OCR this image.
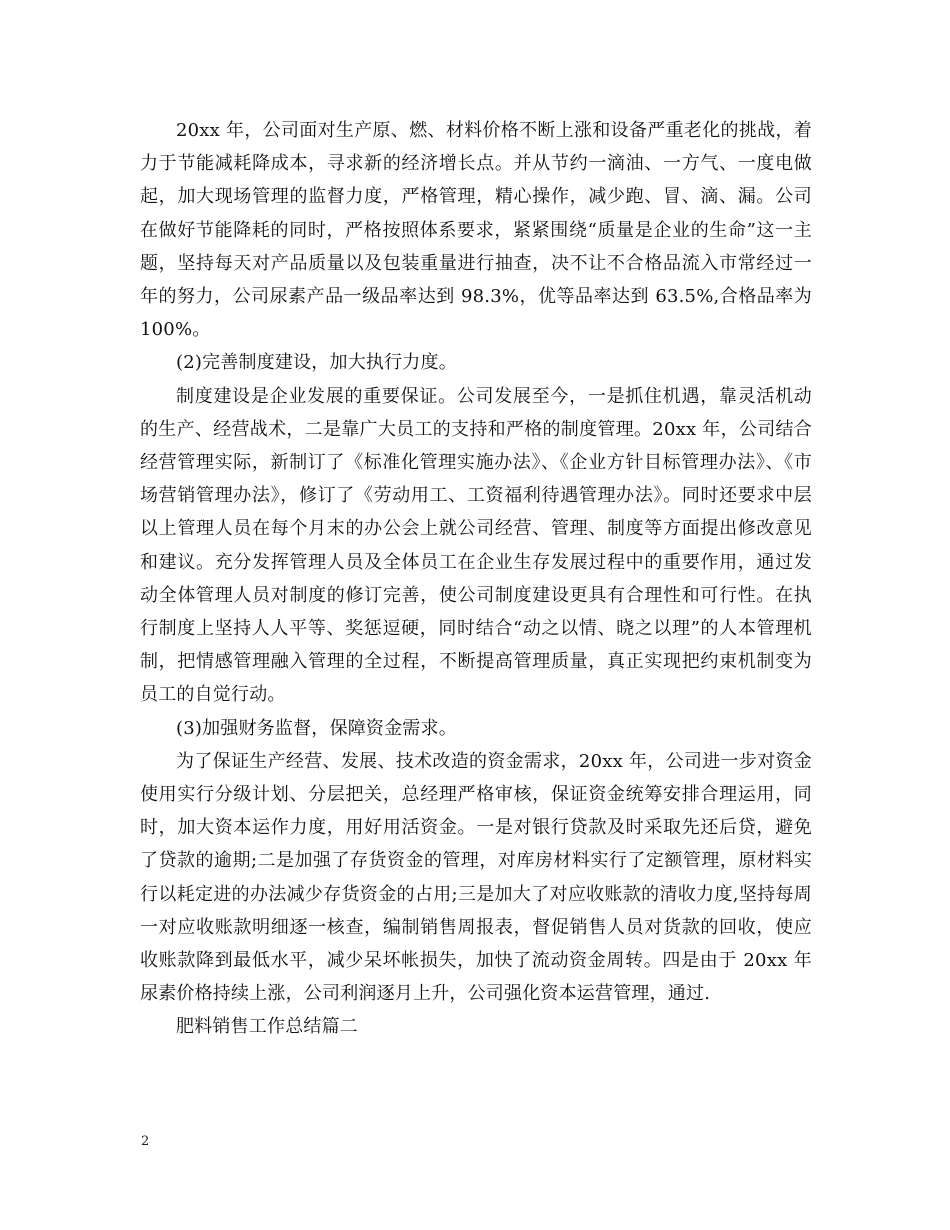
20xx 年，公司面对生产原、燃、材料价格不断上涨和设备严重老化的挑战，着力于节能减耗降成本，寻求新的经济增长点。并从节约一滴油、一方气、一度电做起，加大现场管理的监督力度，严格管理，精心操作，减少跑、冒、滴、漏。公司在做好节能降耗的同时，严格按照体系要求，紧紧围绕“质量是企业的生命”这一主题，坚持每天对产品质量以及包装重量进行抽查，决不让不合格品流入市常经过一年的努力，公司尿素产品一级品率达到 98.3%，优等品率达到 63.5%,合格品率为 100%。

(2)完善制度建设，加大执行力度。

制度建设是企业发展的重要保证。公司发展至今，一是抓住机遇，靠灵活机动的生产、经营战术，二是靠广大员工的支持和严格的制度管理。20xx 年，公司结合经营管理实际，新制订了《标准化管理实施办法》、《企业方针目标管理办法》、《市场营销管理办法》，修订了《劳动用工、工资福利待遇管理办法》。同时还要求中层以上管理人员在每个月末的办公会上就公司经营、管理、制度等方面提出修改意见和建议。充分发挥管理人员及全体员工在企业生存发展过程中的重要作用，通过发动全体管理人员对制度的修订完善，使公司制度建设更具有合理性和可行性。在执行制度上坚持人人平等、奖惩逗硬，同时结合“动之以情、晓之以理”的人本管理机制，把情感管理融入管理的全过程，不断提高管理质量，真正实现把约束机制变为员工的自觉行动。

(3)加强财务监督，保障资金需求。

为了保证生产经营、发展、技术改造的资金需求，20xx 年，公司进一步对资金使用实行分级计划、分层把关，总经理严格审核，保证资金统筹安排合理运用，同时，加大资本运作力度，用好用活资金。一是对银行贷款及时采取先还后贷，避免了贷款的逾期;二是加强了存货资金的管理，对库房材料实行了定额管理，原材料实行以耗定进的办法减少存货资金的占用;三是加大了对应收账款的清收力度,坚持每周一对应收账款明细逐一核查，编制销售周报表，督促销售人员对货款的回收，使应收账款降到最低水平，减少呆坏帐损失，加快了流动资金周转。四是由于 20xx 年尿素价格持续上涨，公司利润逐月上升，公司强化资本运营管理，通过.

肥料销售工作总结篇二

2
